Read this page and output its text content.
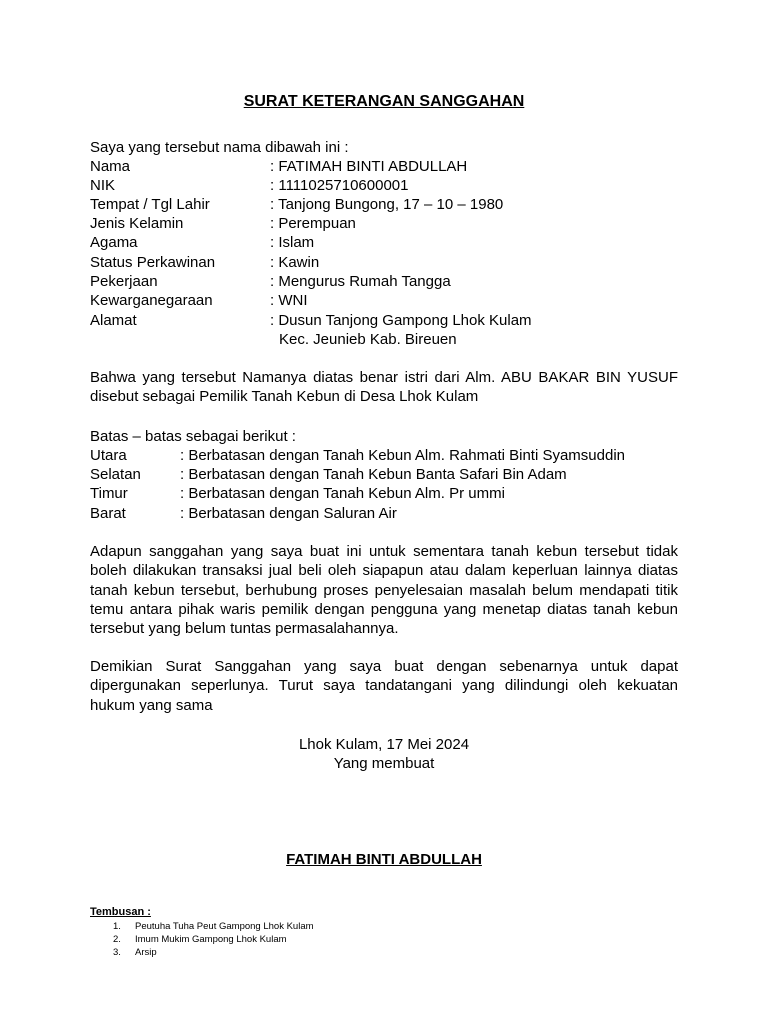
SURAT KETERANGAN SANGGAHAN
Saya yang tersebut nama dibawah ini :
Nama	: FATIMAH BINTI ABDULLAH
NIK	: 1111025710600001
Tempat / Tgl Lahir	: Tanjong Bungong, 17 – 10 – 1980
Jenis Kelamin	: Perempuan
Agama	: Islam
Status Perkawinan	: Kawin
Pekerjaan	: Mengurus Rumah Tangga
Kewarganegaraan	: WNI
Alamat	: Dusun Tanjong Gampong Lhok Kulam
Kec. Jeunieb Kab. Bireuen

Bahwa yang tersebut Namanya diatas benar istri dari Alm. ABU BAKAR BIN YUSUF disebut sebagai Pemilik Tanah Kebun di Desa Lhok Kulam

Batas – batas sebagai berikut :
Utara	: Berbatasan dengan Tanah Kebun Alm. Rahmati Binti Syamsuddin
Selatan	: Berbatasan dengan Tanah Kebun Banta Safari Bin Adam
Timur	: Berbatasan dengan Tanah Kebun Alm. Pr ummi
Barat	: Berbatasan dengan Saluran Air

Adapun sanggahan yang saya buat ini untuk sementara tanah kebun tersebut tidak boleh dilakukan transaksi jual beli oleh siapapun atau dalam keperluan lainnya diatas tanah kebun tersebut, berhubung proses penyelesaian masalah belum mendapati titik temu antara pihak waris pemilik dengan pengguna yang menetap diatas tanah kebun tersebut yang belum tuntas permasalahannya.

Demikian Surat Sanggahan yang saya buat dengan sebenarnya untuk dapat dipergunakan seperlunya. Turut saya tandatangani yang dilindungi oleh kekuatan hukum yang sama

Lhok Kulam, 17 Mei 2024
Yang membuat
FATIMAH BINTI ABDULLAH
Tembusan :
1. Peutuha Tuha Peut Gampong Lhok Kulam
2. Imum Mukim Gampong Lhok Kulam
3. Arsip
